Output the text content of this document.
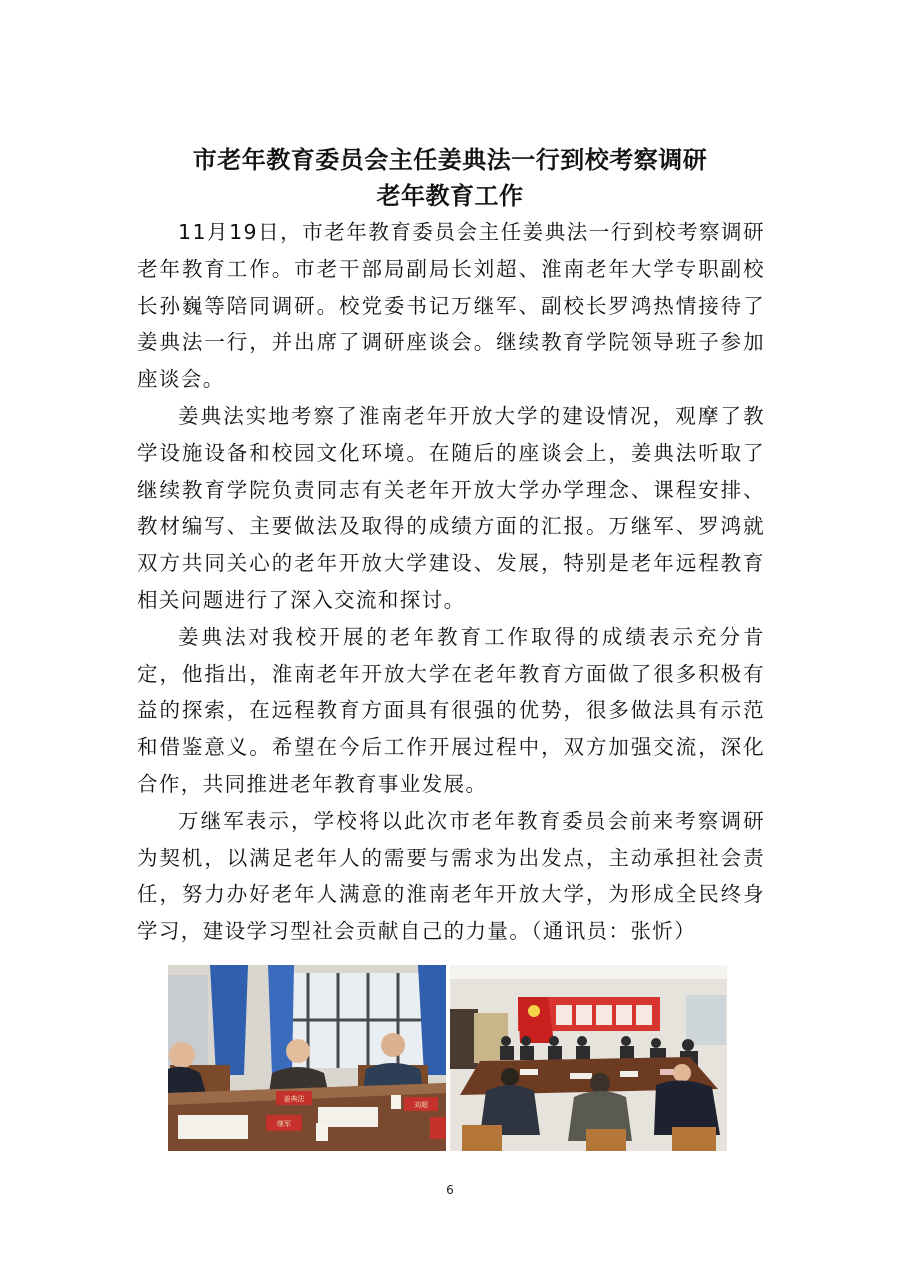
市老年教育委员会主任姜典法一行到校考察调研
老年教育工作

11月19日，市老年教育委员会主任姜典法一行到校考察调研老年教育工作。市老干部局副局长刘超、淮南老年大学专职副校长孙巍等陪同调研。校党委书记万继军、副校长罗鸿热情接待了姜典法一行，并出席了调研座谈会。继续教育学院领导班子参加座谈会。

姜典法实地考察了淮南老年开放大学的建设情况，观摩了教学设施设备和校园文化环境。在随后的座谈会上，姜典法听取了继续教育学院负责同志有关老年开放大学办学理念、课程安排、教材编写、主要做法及取得的成绩方面的汇报。万继军、罗鸿就双方共同关心的老年开放大学建设、发展，特别是老年远程教育相关问题进行了深入交流和探讨。

姜典法对我校开展的老年教育工作取得的成绩表示充分肯定，他指出，淮南老年开放大学在老年教育方面做了很多积极有益的探索，在远程教育方面具有很强的优势，很多做法具有示范和借鉴意义。希望在今后工作开展过程中，双方加强交流，深化合作，共同推进老年教育事业发展。

万继军表示，学校将以此次市老年教育委员会前来考察调研为契机，以满足老年人的需要与需求为出发点，主动承担社会责任，努力办好老年人满意的淮南老年开放大学，为形成全民终身学习，建设学习型社会贡献自己的力量。（通讯员：张忻）

姜典法
刘超
继军
6
